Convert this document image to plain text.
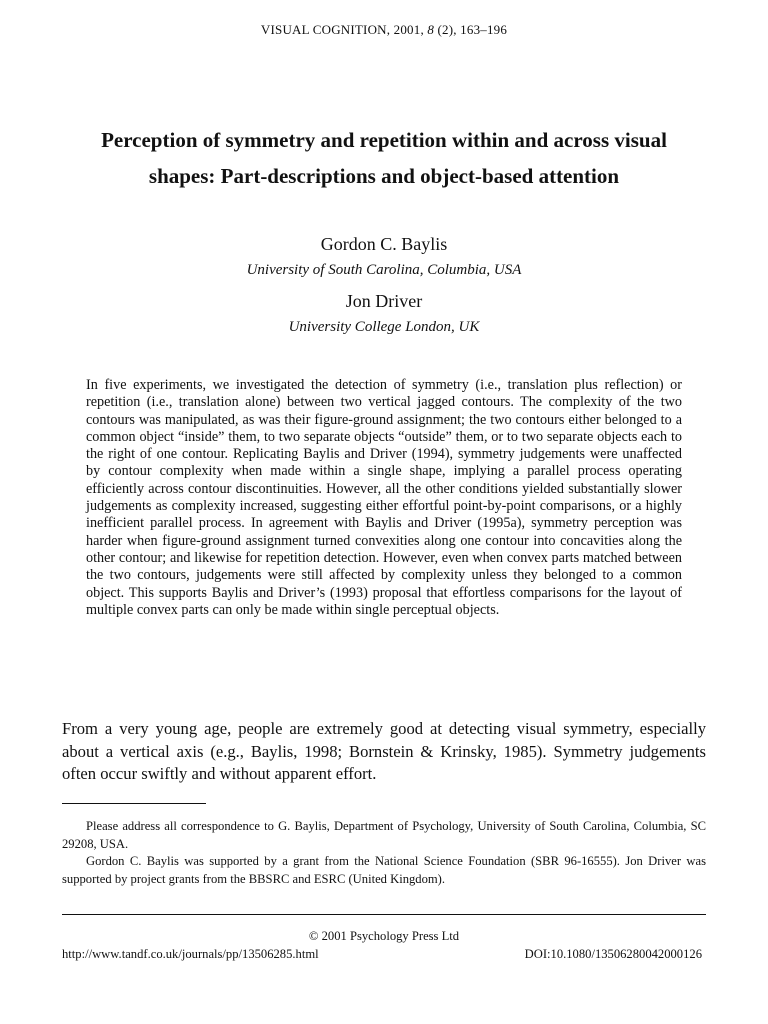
VISUAL COGNITION, 2001, 8 (2), 163–196
Perception of symmetry and repetition within and across visual shapes: Part-descriptions and object-based attention
Gordon C. Baylis
University of South Carolina, Columbia, USA
Jon Driver
University College London, UK
In five experiments, we investigated the detection of symmetry (i.e., translation plus reflection) or repetition (i.e., translation alone) between two vertical jagged contours. The complexity of the two contours was manipulated, as was their figure-ground assignment; the two contours either belonged to a common object “inside” them, to two separate objects “outside” them, or to two separate objects each to the right of one contour. Replicating Baylis and Driver (1994), symmetry judgements were unaffected by contour complexity when made within a single shape, implying a parallel process operating efficiently across contour discontinuities. However, all the other conditions yielded substantially slower judgements as complexity increased, suggesting either effortful point-by-point comparisons, or a highly inefficient parallel process. In agreement with Baylis and Driver (1995a), symmetry perception was harder when figure-ground assignment turned convexities along one contour into concavities along the other contour; and likewise for repetition detection. However, even when convex parts matched between the two contours, judgements were still affected by complexity unless they belonged to a common object. This supports Baylis and Driver’s (1993) proposal that effortless comparisons for the layout of multiple convex parts can only be made within single perceptual objects.
From a very young age, people are extremely good at detecting visual symmetry, especially about a vertical axis (e.g., Baylis, 1998; Bornstein & Krinsky, 1985). Symmetry judgements often occur swiftly and without apparent effort.

Please address all correspondence to G. Baylis, Department of Psychology, University of South Carolina, Columbia, SC 29208, USA.

Gordon C. Baylis was supported by a grant from the National Science Foundation (SBR 96-16555). Jon Driver was supported by project grants from the BBSRC and ESRC (United Kingdom).

© 2001 Psychology Press Ltd
http://www.tandf.co.uk/journals/pp/13506285.html	DOI:10.1080/13506280042000126
